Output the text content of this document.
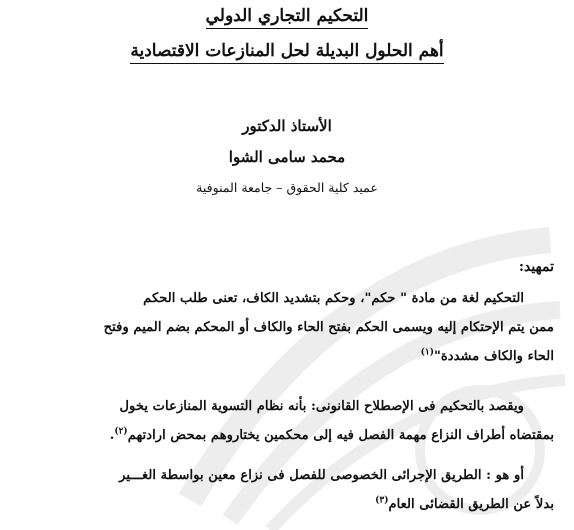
التحكيم التجاري الدولي
أهم الحلول البديلة لحل المنازعات الاقتصادية
الأستاذ الدكتور
محمد سامى الشوا
عميد كلية الحقوق – جامعة المنوفية
تمهيد:
التحكيم لغة من مادة " حكم"، وحكم بتشديد الكاف، تعنى طلب الحكم
ممن يتم الإحتكام إليه ويسمى الحكم بفتح الحاء والكاف أو المحكم بضم الميم وفتح
الحاء والكاف مشددة"$^{(١)}$
ويقصد بالتحكيم فى الإصطلاح القانونى: بأنه نظام التسوية المنازعات يخول
بمقتضاه أطراف النزاع مهمة الفصل فيه إلى محكمين يختاروهم بمحض ارادتهم$^{(٢)}$.
أو هو : الطريق الإجرائى الخصوصى للفصل فى نزاع معين بواسطة الغـــير
بدلاً عن الطريق القضائى العام$^{(٣)}$
